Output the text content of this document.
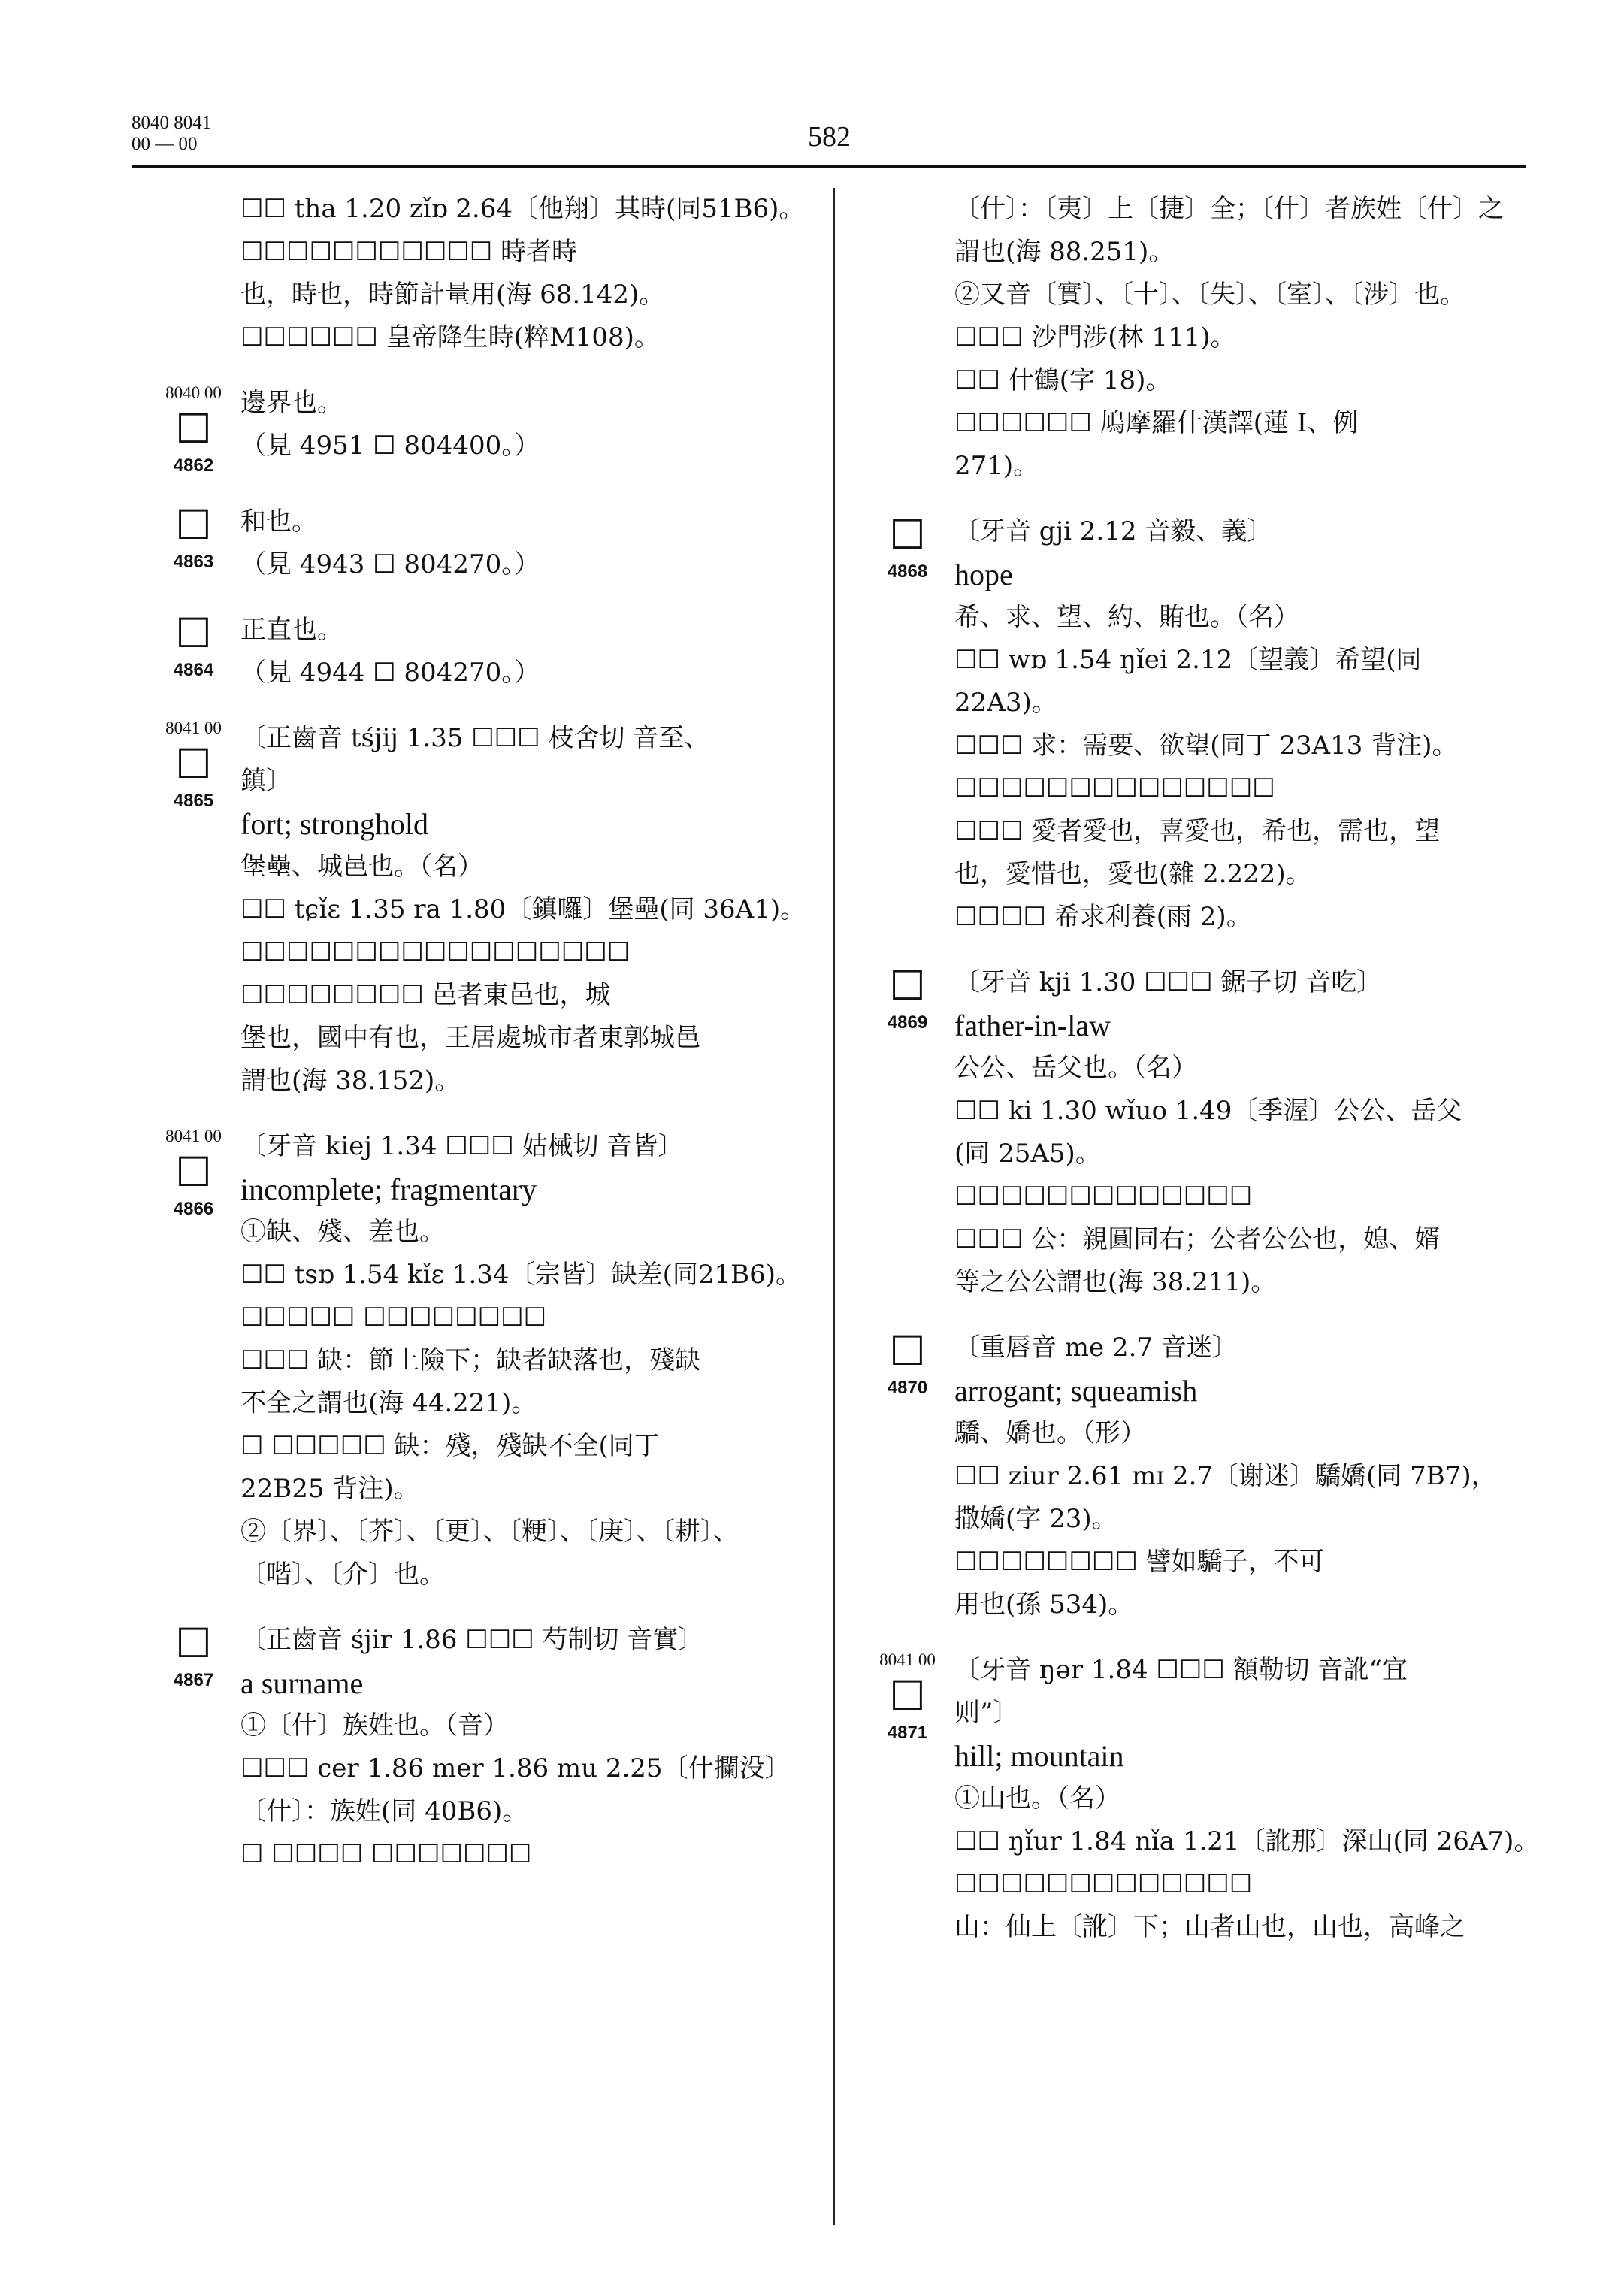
8040 8041
00 — 00	582
☐☐ tha 1.20 zǐɒ 2.64〔他翔〕其時(同51B6)。
☐☐☐☐☐☐☐☐☐☐☐ 時者時
也，時也，時節計量用(海 68.142)。
☐☐☐☐☐☐ 皇帝降生時(粹M108)。
8040 00
☐
4862
邊界也。
（見 4951 ☐ 804400。）
☐
4863
和也。
（見 4943 ☐ 804270。）
☐
4864
正直也。
（見 4944 ☐ 804270。）
8041 00
☐
4865
〔正齒音 tśjij 1.35 ☐☐☐ 枝舍切 音至、
鎮〕
fort; stronghold
堡壘、城邑也。（名）
☐☐ tɕǐɛ 1.35 ra 1.80〔鎮囉〕堡壘(同 36A1)。
☐☐☐☐☐☐☐☐☐☐☐☐☐☐☐☐☐
☐☐☐☐☐☐☐☐ 邑者東邑也，城
堡也，國中有也，王居處城市者東郭城邑
謂也(海 38.152)。
8041 00
☐
4866
〔牙音 kiej 1.34 ☐☐☐ 姑械切 音皆〕
incomplete; fragmentary
①缺、殘、差也。
☐☐ tsɒ 1.54 kǐɛ 1.34〔宗皆〕缺差(同21B6)。
☐☐☐☐☐ ☐☐☐☐☐☐☐☐
☐☐☐ 缺：節上險下；缺者缺落也，殘缺
不全之謂也(海 44.221)。
☐ ☐☐☐☐☐ 缺：殘，殘缺不全(同丁
22B25 背注)。
②〔界〕、〔芥〕、〔更〕、〔粳〕、〔庚〕、〔耕〕、
〔喈〕、〔介〕也。
☐
4867
〔正齒音 śjir 1.86 ☐☐☐ 芍制切 音實〕
a surname
①〔什〕族姓也。（音）
☐☐☐ cer 1.86 mer 1.86 mu 2.25〔什攔没〕
〔什〕：族姓(同 40B6)。
☐ ☐☐☐☐ ☐☐☐☐☐☐☐
〔什〕：〔夷〕上〔捷〕全；〔什〕者族姓〔什〕之
謂也(海 88.251)。
②又音〔實〕、〔十〕、〔失〕、〔室〕、〔涉〕也。
☐☐☐ 沙門涉(林 111)。
☐☐ 什鶴(字 18)。
☐☐☐☐☐☐ 鳩摩羅什漢譯(蓮 I、例
271)。
☐
4868
〔牙音 gji 2.12 音毅、義〕
hope
希、求、望、約、賄也。（名）
☐☐ wɒ 1.54 ŋǐei 2.12〔望義〕希望(同
22A3)。
☐☐☐ 求：需要、欲望(同丁 23A13 背注)。
☐☐☐☐☐☐☐☐☐☐☐☐☐☐
☐☐☐ 愛者愛也，喜愛也，希也，需也，望
也，愛惜也，愛也(雜 2.222)。
☐☐☐☐ 希求利養(雨 2)。
☐
4869
〔牙音 kji 1.30 ☐☐☐ 鋸子切 音吃〕
father-in-law
公公、岳父也。（名）
☐☐ ki 1.30 wǐuo 1.49〔季渥〕公公、岳父
(同 25A5)。
☐☐☐☐☐☐☐☐☐☐☐☐☐
☐☐☐ 公：親圓同右；公者公公也，媳、婿
等之公公謂也(海 38.211)。
☐
4870
〔重唇音 me 2.7 音迷〕
arrogant; squeamish
驕、嬌也。（形）
☐☐ ziur 2.61 mɪ 2.7〔谢迷〕驕嬌(同 7B7)，
撒嬌(字 23)。
☐☐☐☐☐☐☐☐ 譬如驕子，不可
用也(孫 534)。
8041 00
☐
4871
〔牙音 ŋər 1.84 ☐☐☐ 額勒切 音訛“宜
则”〕
hill; mountain
①山也。（名）
☐☐ ŋǐur 1.84 nǐa 1.21〔訛那〕深山(同 26A7)。
☐☐☐☐☐☐☐☐☐☐☐☐☐
山：仙上〔訛〕下；山者山也，山也，高峰之
